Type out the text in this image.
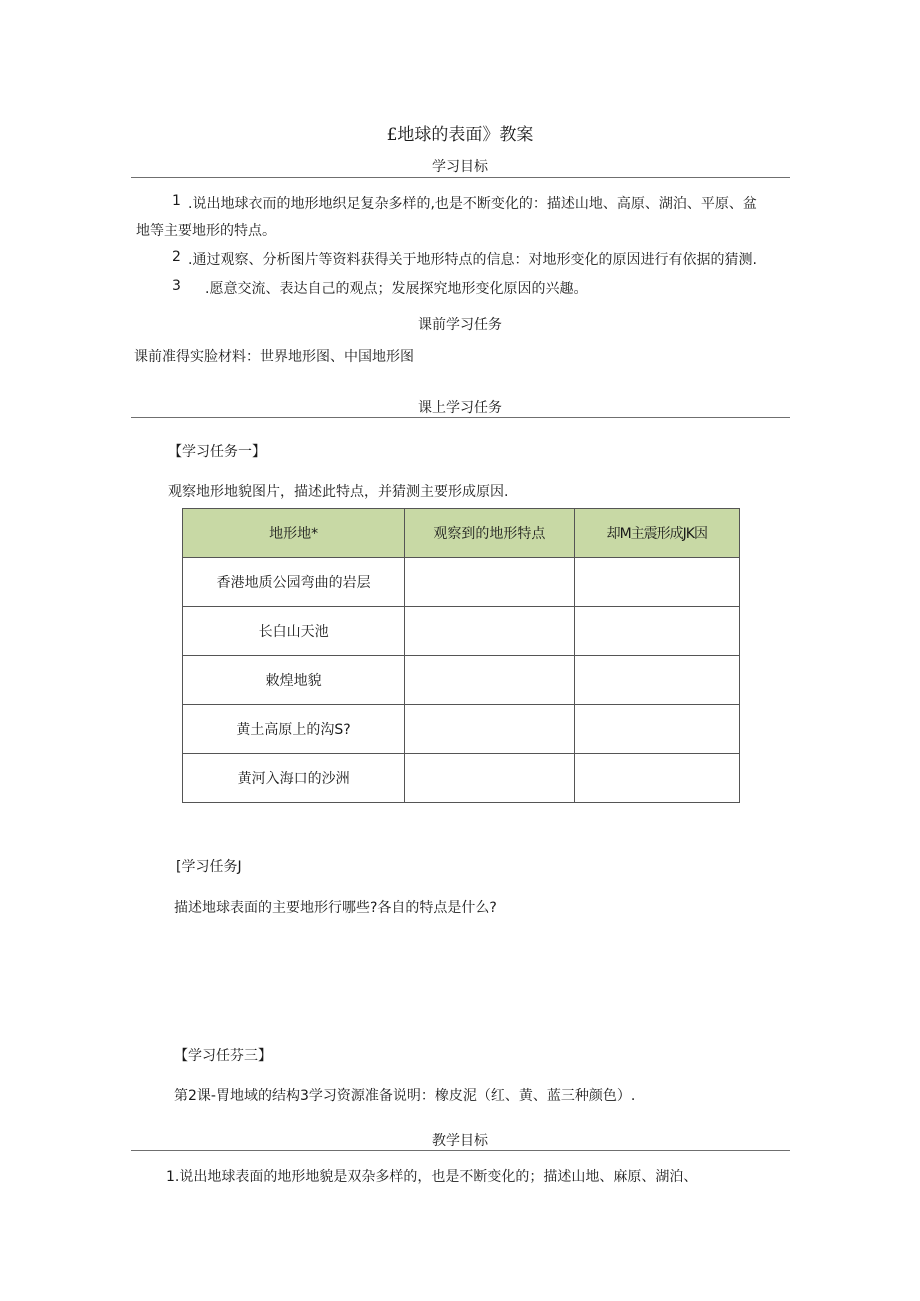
£地球的表面》教案
学习目标
1 .说出地球衣而的地形地织足复杂多样的,也是不断变化的：描述山地、高原、湖泊、平原、盆
地等主要地形的特点。
2 .通过观察、分析图片等资料获得关于地形特点的信息：对地形变化的原因进行有依据的猜测.
3 .愿意交流、表达自己的观点；发展探究地形变化原因的兴趣。
课前学习任务
课前准得实脸材料：世界地形图、中国地形图
课上学习任务
【学习任务一】
观察地形地貌图片，描述此特点，并猜测主要形成原因.
地形地*	观察到的地形特点	却M主震形成JK因
香港地质公园弯曲的岩层		
长白山天池		
敕煌地貌		
黄土高原上的沟S?		
黄河入海口的沙洲		
[学习任务J
描述地球表面的主要地形行哪些?各自的特点是什么?
【学习任芬三】
第2课-胃地域的结构3学习资源准备说明：橡皮泥（红、黄、蓝三种颜色）.
教学目标
1.说出地球表面的地形地貌是双杂多样的，也是不断变化的；描述山地、麻原、湖泊、
